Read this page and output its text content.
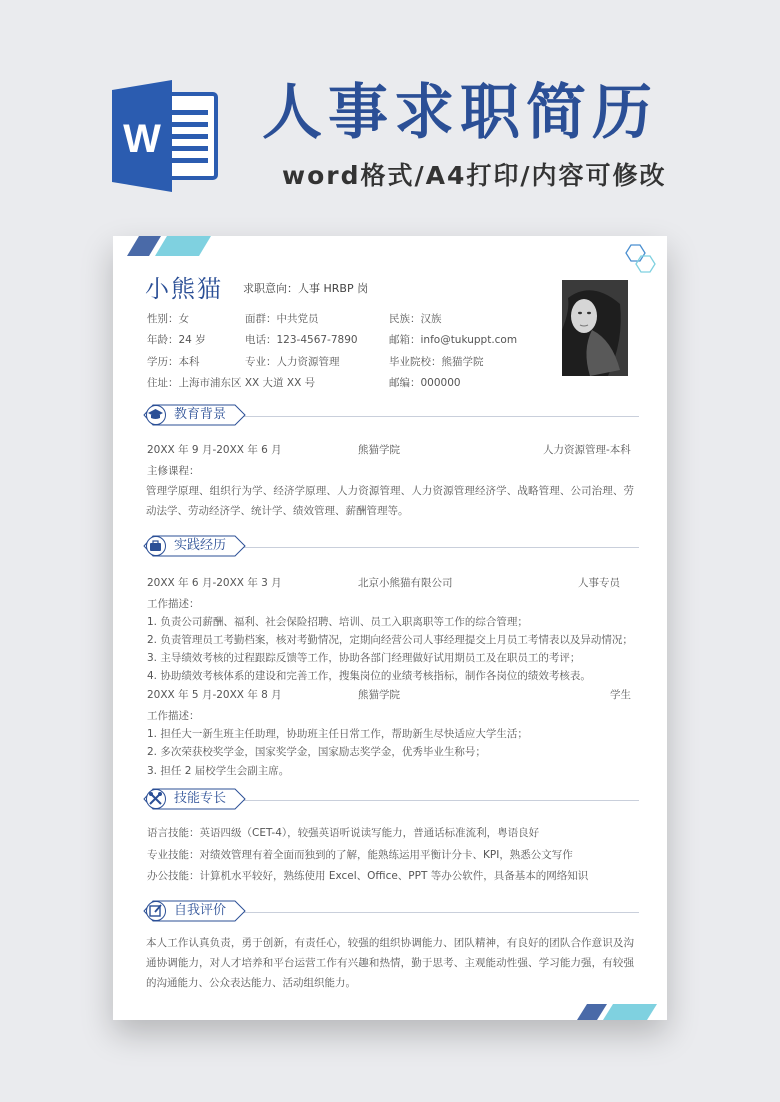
W 人事求职简历
word格式/A4打印/内容可修改
小熊猫 求职意向：人事 HRBP 岗
性别：女	面群：中共党员	民族：汉族
年龄：24 岁	电话：123-4567-7890	邮箱：info@tukuppt.com
学历：本科	专业：人力资源管理	毕业院校：熊猫学院
住址：上海市浦东区 XX 大道 XX 号	邮编：000000
教育背景
20XX 年 9 月-20XX 年 6 月	熊猫学院	人力资源管理-本科
主修课程：
管理学原理、组织行为学、经济学原理、人力资源管理、人力资源管理经济学、战略管理、公司治理、劳动法学、劳动经济学、统计学、绩效管理、薪酬管理等。
实践经历
20XX 年 6 月-20XX 年 3 月	北京小熊猫有限公司	人事专员
工作描述：
1. 负责公司薪酬、福利、社会保险招聘、培训、员工入职离职等工作的综合管理；
2. 负责管理员工考勤档案，核对考勤情况，定期向经营公司人事经理提交上月员工考情表以及异动情况；
3. 主导绩效考核的过程跟踪反馈等工作，协助各部门经理做好试用期员工及在职员工的考评；
4. 协助绩效考核体系的建设和完善工作，搜集岗位的业绩考核指标，制作各岗位的绩效考核表。
20XX 年 5 月-20XX 年 8 月	熊猫学院	学生
工作描述：
1. 担任大一新生班主任助理，协助班主任日常工作，帮助新生尽快适应大学生活；
2. 多次荣获校奖学金，国家奖学金，国家励志奖学金，优秀毕业生称号；
3. 担任 2 届校学生会副主席。
技能专长
语言技能：英语四级（CET-4），较强英语听说读写能力，普通话标准流利，粤语良好
专业技能：对绩效管理有着全面而独到的了解，能熟练运用平衡计分卡、KPI，熟悉公文写作
办公技能：计算机水平较好，熟练使用 Excel、Office、PPT 等办公软件，具备基本的网络知识
自我评价
本人工作认真负责，勇于创新，有责任心，较强的组织协调能力、团队精神，有良好的团队合作意识及沟通协调能力，对人才培养和平台运营工作有兴趣和热情，勤于思考、主观能动性强、学习能力强，有较强的沟通能力、公众表达能力、活动组织能力。
